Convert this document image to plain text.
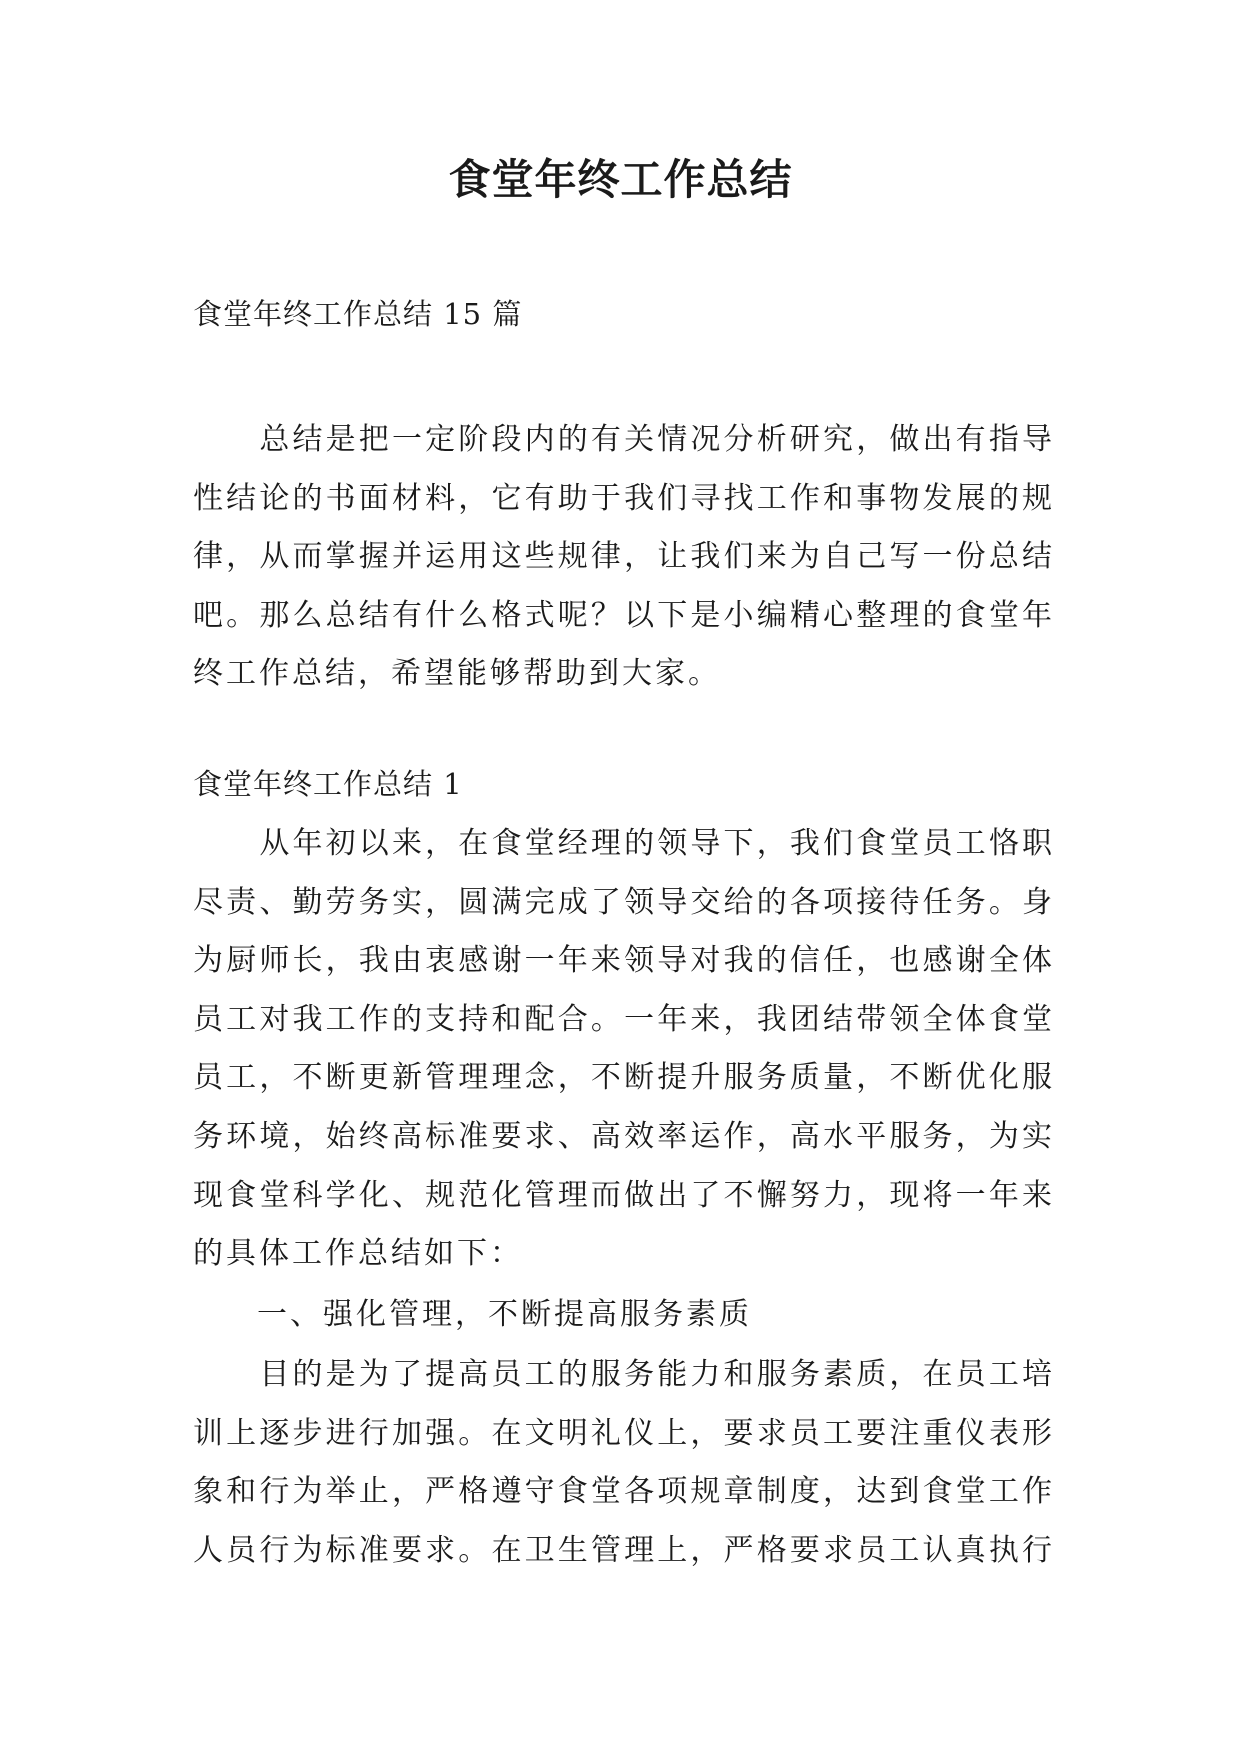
食堂年终工作总结

食堂年终工作总结 15 篇

　　总结是把一定阶段内的有关情况分析研究，做出有指导
性结论的书面材料，它有助于我们寻找工作和事物发展的规
律，从而掌握并运用这些规律，让我们来为自己写一份总结
吧。那么总结有什么格式呢？以下是小编精心整理的食堂年
终工作总结，希望能够帮助到大家。

食堂年终工作总结 1

　　从年初以来，在食堂经理的领导下，我们食堂员工恪职
尽责、勤劳务实，圆满完成了领导交给的各项接待任务。身
为厨师长，我由衷感谢一年来领导对我的信任，也感谢全体
员工对我工作的支持和配合。一年来，我团结带领全体食堂
员工，不断更新管理理念，不断提升服务质量，不断优化服
务环境，始终高标准要求、高效率运作，高水平服务，为实
现食堂科学化、规范化管理而做出了不懈努力，现将一年来
的具体工作总结如下：

一、强化管理，不断提高服务素质

　　目的是为了提高员工的服务能力和服务素质，在员工培
训上逐步进行加强。在文明礼仪上，要求员工要注重仪表形
象和行为举止，严格遵守食堂各项规章制度，达到食堂工作
人员行为标准要求。在卫生管理上，严格要求员工认真执行
